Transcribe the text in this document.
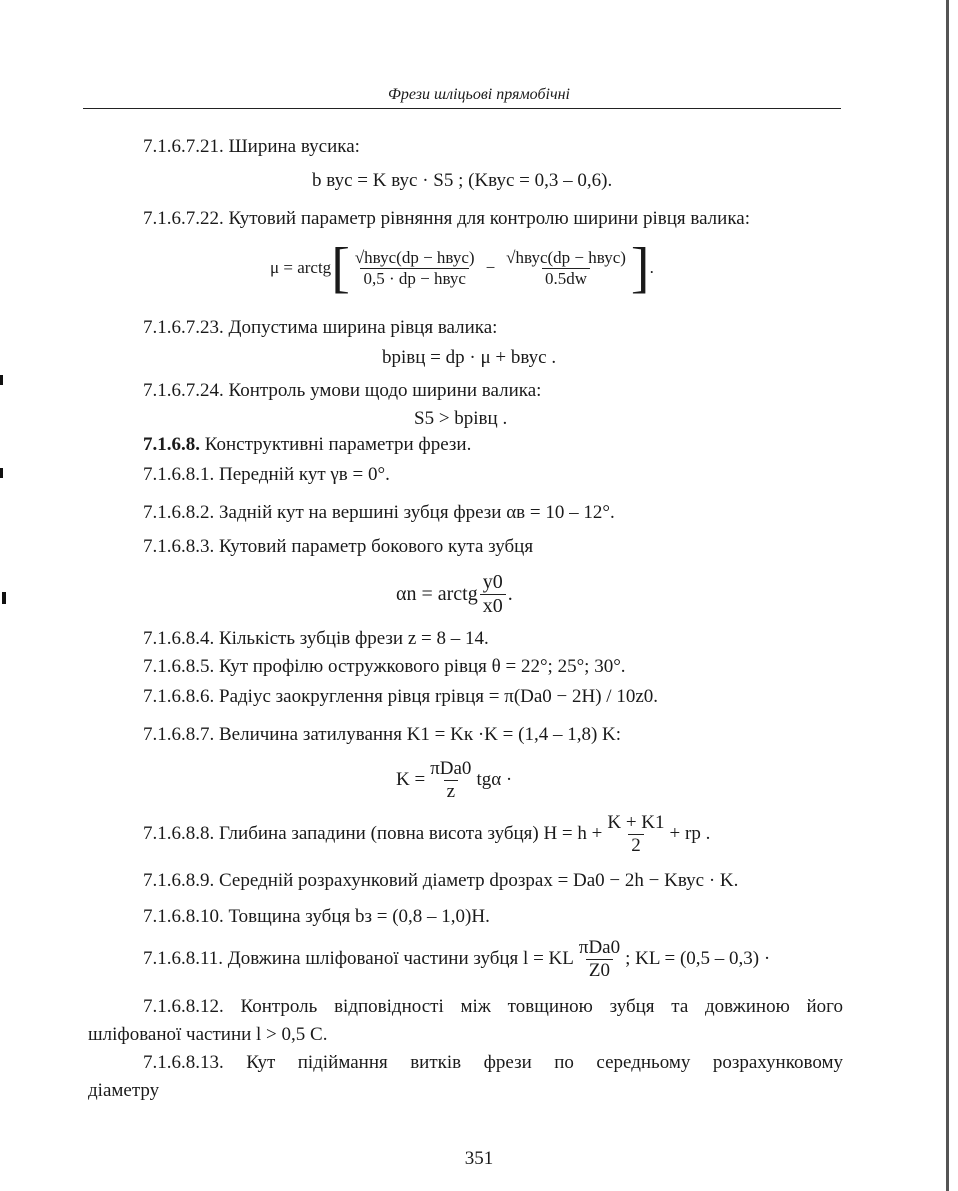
Фрези шліцьові прямобічні
7.1.6.7.21. Ширина вусика:
b вус = K вус · S5 ; (Kвус = 0,3 – 0,6).
7.1.6.7.22. Кутовий параметр рівняння для контролю ширини рівця валика:
μ = arctg [ $\frac{\text{√hвус(dр − hвус)}}{\text{0,5 · dр − hвус}} - \frac{\text{√hвус(dр − hвус)}}{0.5dw}$ ] .
7.1.6.7.23. Допустима ширина рівця валика:
bрівц = dр · μ + bвус .
7.1.6.7.24. Контроль умови щодо ширини валика:
S5 > bрівц .
7.1.6.8. Конструктивні параметри фрези.
7.1.6.8.1. Передній кут γв = 0°.
7.1.6.8.2. Задній кут на вершині зубця фрези αв = 10 – 12°.
7.1.6.8.3. Кутовий параметр бокового кута зубця
αn = arctg $\frac{y0}{x0}$ .
7.1.6.8.4. Кількість зубців фрези z = 8 – 14.
7.1.6.8.5. Кут профілю остружкового рівця θ = 22°; 25°; 30°.
7.1.6.8.6. Радіус заокруглення рівця rрівця = π(Da0 − 2H) / 10z0.
7.1.6.8.7. Величина затилування K1 = Kк ·K = (1,4 – 1,8) K:
$K = \frac{\text{πDa0}}{z}$ tgα ·
7.1.6.8.8. Глибина западини (повна висота зубця) $H = h + \frac{K + K1}{2}$ + rр .
7.1.6.8.9. Середній розрахунковий діаметр dрозрах = Da0 − 2h − Kвус · K.
7.1.6.8.10. Товщина зубця bз = (0,8 – 1,0)H.
7.1.6.8.11. Довжина шліфованої частини зубця l = KL $\frac{\text{πDa0}}{Z0}$ ; KL = (0,5 – 0,3) ·
7.1.6.8.12. Контроль відповідності між товщиною зубця та довжиною його
шліфованої частини l > 0,5 C.
7.1.6.8.13. Кут підіймання витків фрези по середньому розрахунковому
діаметру
351
